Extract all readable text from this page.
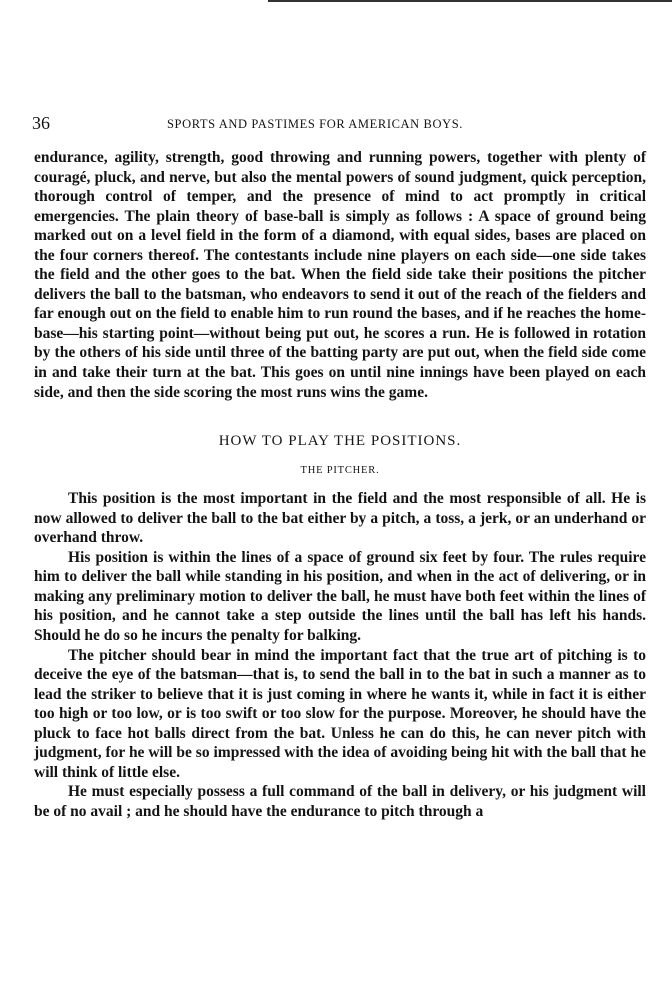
36	SPORTS AND PASTIMES FOR AMERICAN BOYS.

endurance, agility, strength, good throwing and running powers, together with plenty of couragé, pluck, and nerve, but also the mental powers of sound judgment, quick perception, thorough control of temper, and the presence of mind to act promptly in critical emergencies. The plain theory of base-ball is simply as follows : A space of ground being marked out on a level field in the form of a diamond, with equal sides, bases are placed on the four corners thereof. The contestants include nine players on each side—one side takes the field and the other goes to the bat. When the field side take their positions the pitcher delivers the ball to the batsman, who endeavors to send it out of the reach of the fielders and far enough out on the field to enable him to run round the bases, and if he reaches the home-base—his starting point—without being put out, he scores a run. He is followed in rotation by the others of his side until three of the batting party are put out, when the field side come in and take their turn at the bat. This goes on until nine innings have been played on each side, and then the side scoring the most runs wins the game.

HOW TO PLAY THE POSITIONS.

THE PITCHER.

This position is the most important in the field and the most responsible of all. He is now allowed to deliver the ball to the bat either by a pitch, a toss, a jerk, or an underhand or overhand throw.

His position is within the lines of a space of ground six feet by four. The rules require him to deliver the ball while standing in his position, and when in the act of delivering, or in making any preliminary motion to deliver the ball, he must have both feet within the lines of his position, and he cannot take a step outside the lines until the ball has left his hands. Should he do so he incurs the penalty for balking.

The pitcher should bear in mind the important fact that the true art of pitching is to deceive the eye of the batsman—that is, to send the ball in to the bat in such a manner as to lead the striker to believe that it is just coming in where he wants it, while in fact it is either too high or too low, or is too swift or too slow for the purpose. Moreover, he should have the pluck to face hot balls direct from the bat. Unless he can do this, he can never pitch with judgment, for he will be so impressed with the idea of avoiding being hit with the ball that he will think of little else.

He must especially possess a full command of the ball in delivery, or his judgment will be of no avail ; and he should have the endurance to pitch through a
